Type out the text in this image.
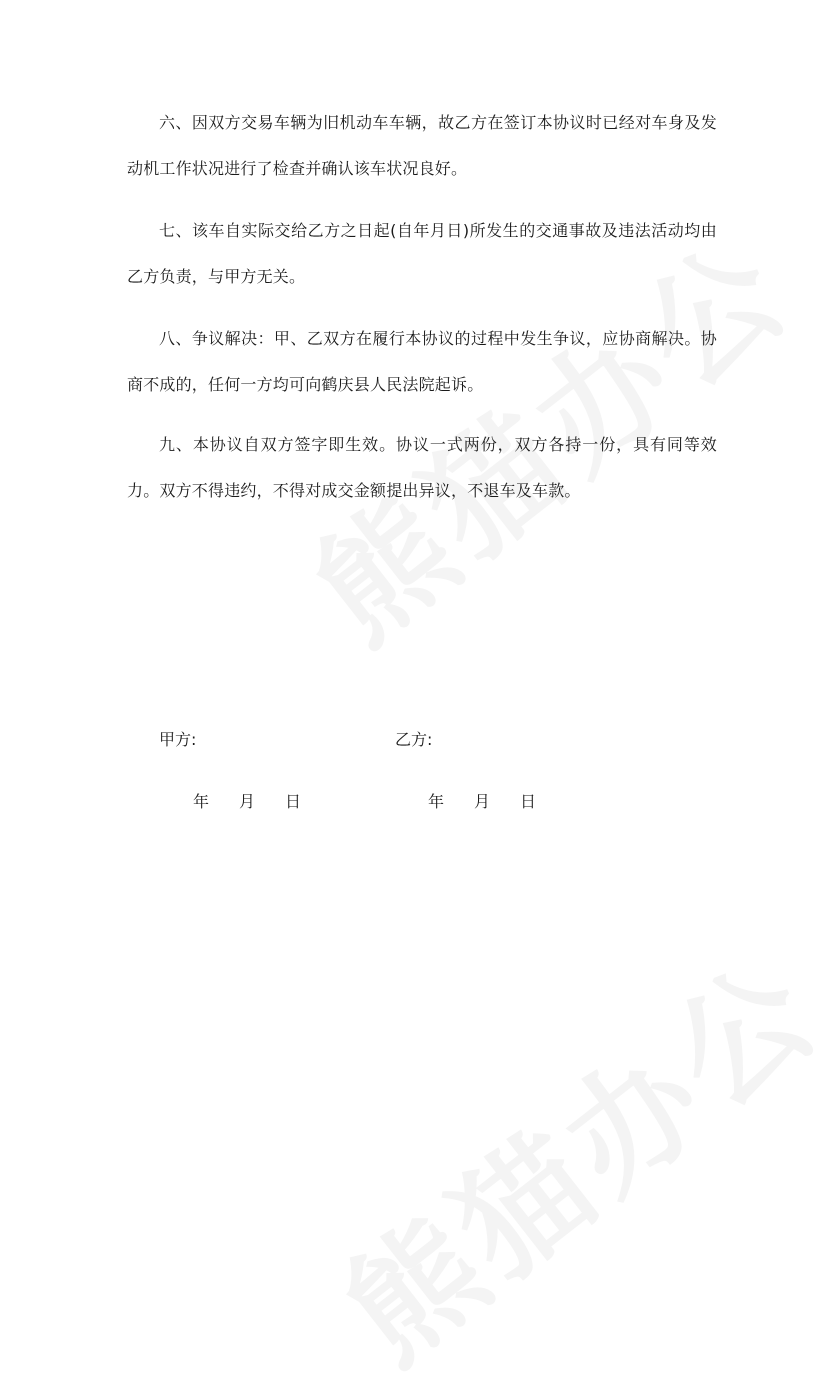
六、因双方交易车辆为旧机动车车辆，故乙方在签订本协议时已经对车身及发动机工作状况进行了检查并确认该车状况良好。

七、该车自实际交给乙方之日起(自年月日)所发生的交通事故及违法活动均由乙方负责，与甲方无关。

八、争议解决：甲、乙双方在履行本协议的过程中发生争议，应协商解决。协商不成的，任何一方均可向鹤庆县人民法院起诉。

九、本协议自双方签字即生效。协议一式两份，双方各持一份，具有同等效力。双方不得违约，不得对成交金额提出异议，不退车及车款。

甲方:	乙方:
年 月 日	年 月 日
